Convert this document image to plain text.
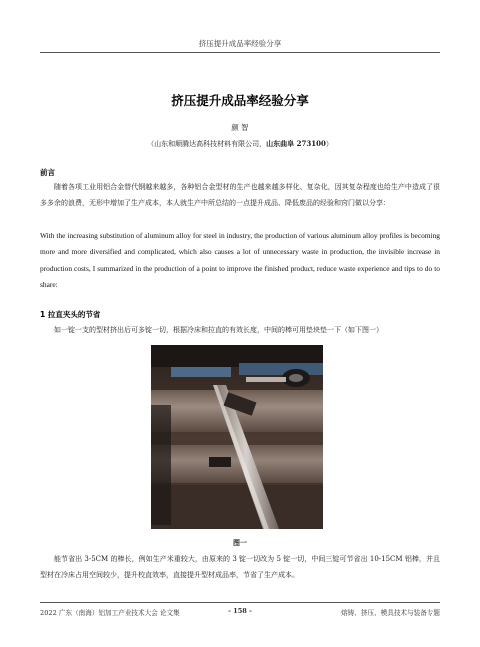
挤压提升成品率经验分享
挤压提升成品率经验分享
颜 智
（山东和顺腾达高科技材料有限公司，山东曲阜 273100）
前言
随着各项工业用铝合金替代钢越来越多，各种铝合金型材的生产也越来越多样化、复杂化，因其复杂程度也给生产中造成了很多多余的浪费，无形中增加了生产成本，本人就生产中所总结的一点提升成品、降低废品的经验和窍门做以分享：
With the increasing substitution of aluminum alloy for steel in industry, the production of various aluminum alloy profiles is becoming more and more diversified and complicated, which also causes a lot of unnecessary waste in production, the invisible increase in production costs, I summarized in the production of a point to improve the finished product, reduce waste experience and tips to do to share:
1 拉直夹头的节省
如一锭一支的型材挤出后可多锭一切，根据冷床和拉直的有效长度，中间的棒可用垫块垫一下（如下图一）
图一
能节省出 3-5CM 的棒长，例如生产米重较大，由原来的 3 锭一切改为 5 锭一切，中间三锭可节省出 10-15CM 铝棒，并且型材在冷床占用空间较少，提升校直效率，直接提升型材成品率，节省了生产成本。
2022 广东（南海）铝加工产业技术大会 论文集	- 158 -	熔铸、挤压、模具技术与装备专题
